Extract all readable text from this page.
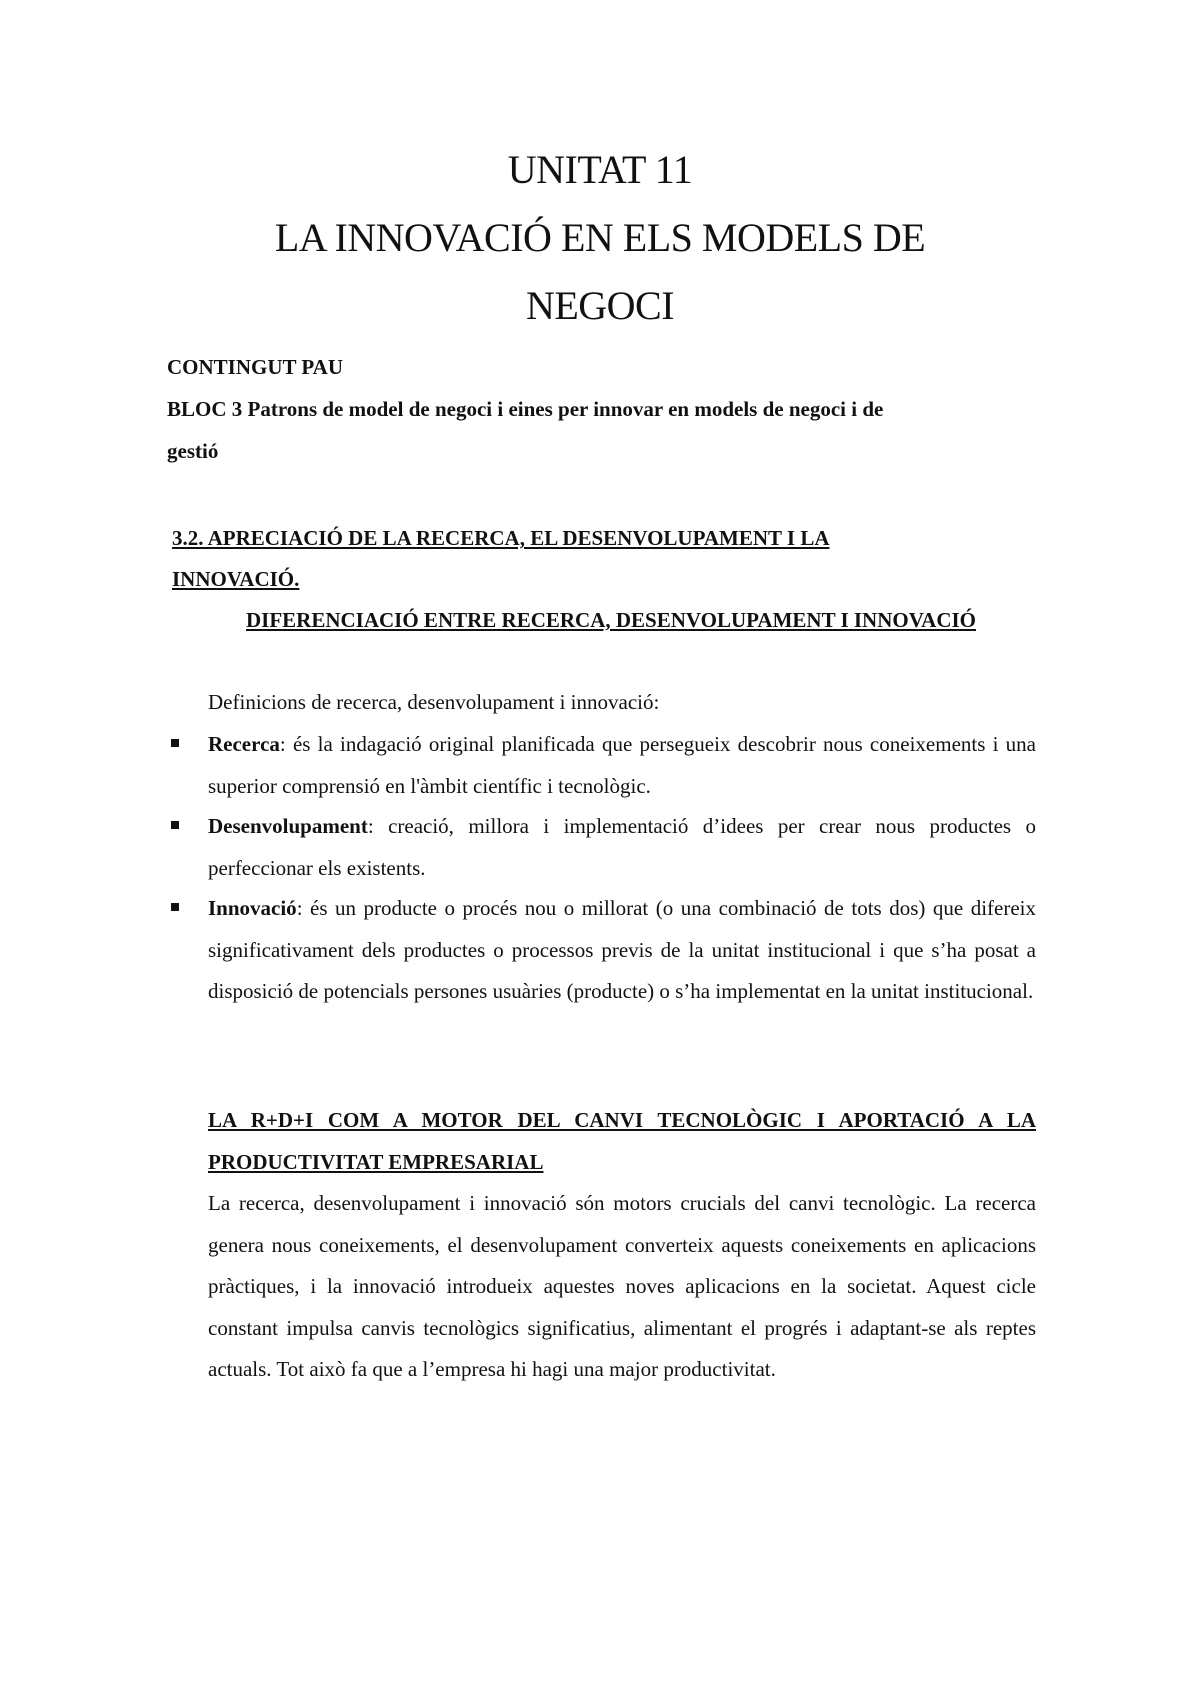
UNITAT 11
LA INNOVACIÓ EN ELS MODELS DE
NEGOCI

CONTINGUT PAU

BLOC 3 Patrons de model de negoci i eines per innovar en models de negoci i de

gestió

3.2. APRECIACIÓ DE LA RECERCA, EL DESENVOLUPAMENT I LA INNOVACIÓ.
DIFERENCIACIÓ ENTRE RECERCA, DESENVOLUPAMENT I INNOVACIÓ

Definicions de recerca, desenvolupament i innovació:

Recerca: és la indagació original planificada que persegueix descobrir nous coneixements i una superior comprensió en l'àmbit científic i tecnològic.
Desenvolupament: creació, millora i implementació d’idees per crear nous productes o perfeccionar els existents.
Innovació: és un producte o procés nou o millorat (o una combinació de tots dos) que difereix significativament dels productes o processos previs de la unitat institucional i que s’ha posat a disposició de potencials persones usuàries (producte) o s’ha implementat en la unitat institucional.
LA R+D+I COM A MOTOR DEL CANVI TECNOLÒGIC I APORTACIÓ A LA PRODUCTIVITAT EMPRESARIAL

La recerca, desenvolupament i innovació són motors crucials del canvi tecnològic. La recerca genera nous coneixements, el desenvolupament converteix aquests coneixements en aplicacions pràctiques, i la innovació introdueix aquestes noves aplicacions en la societat. Aquest cicle constant impulsa canvis tecnològics significatius, alimentant el progrés i adaptant-se als reptes actuals. Tot això fa que a l’empresa hi hagi una major productivitat.
